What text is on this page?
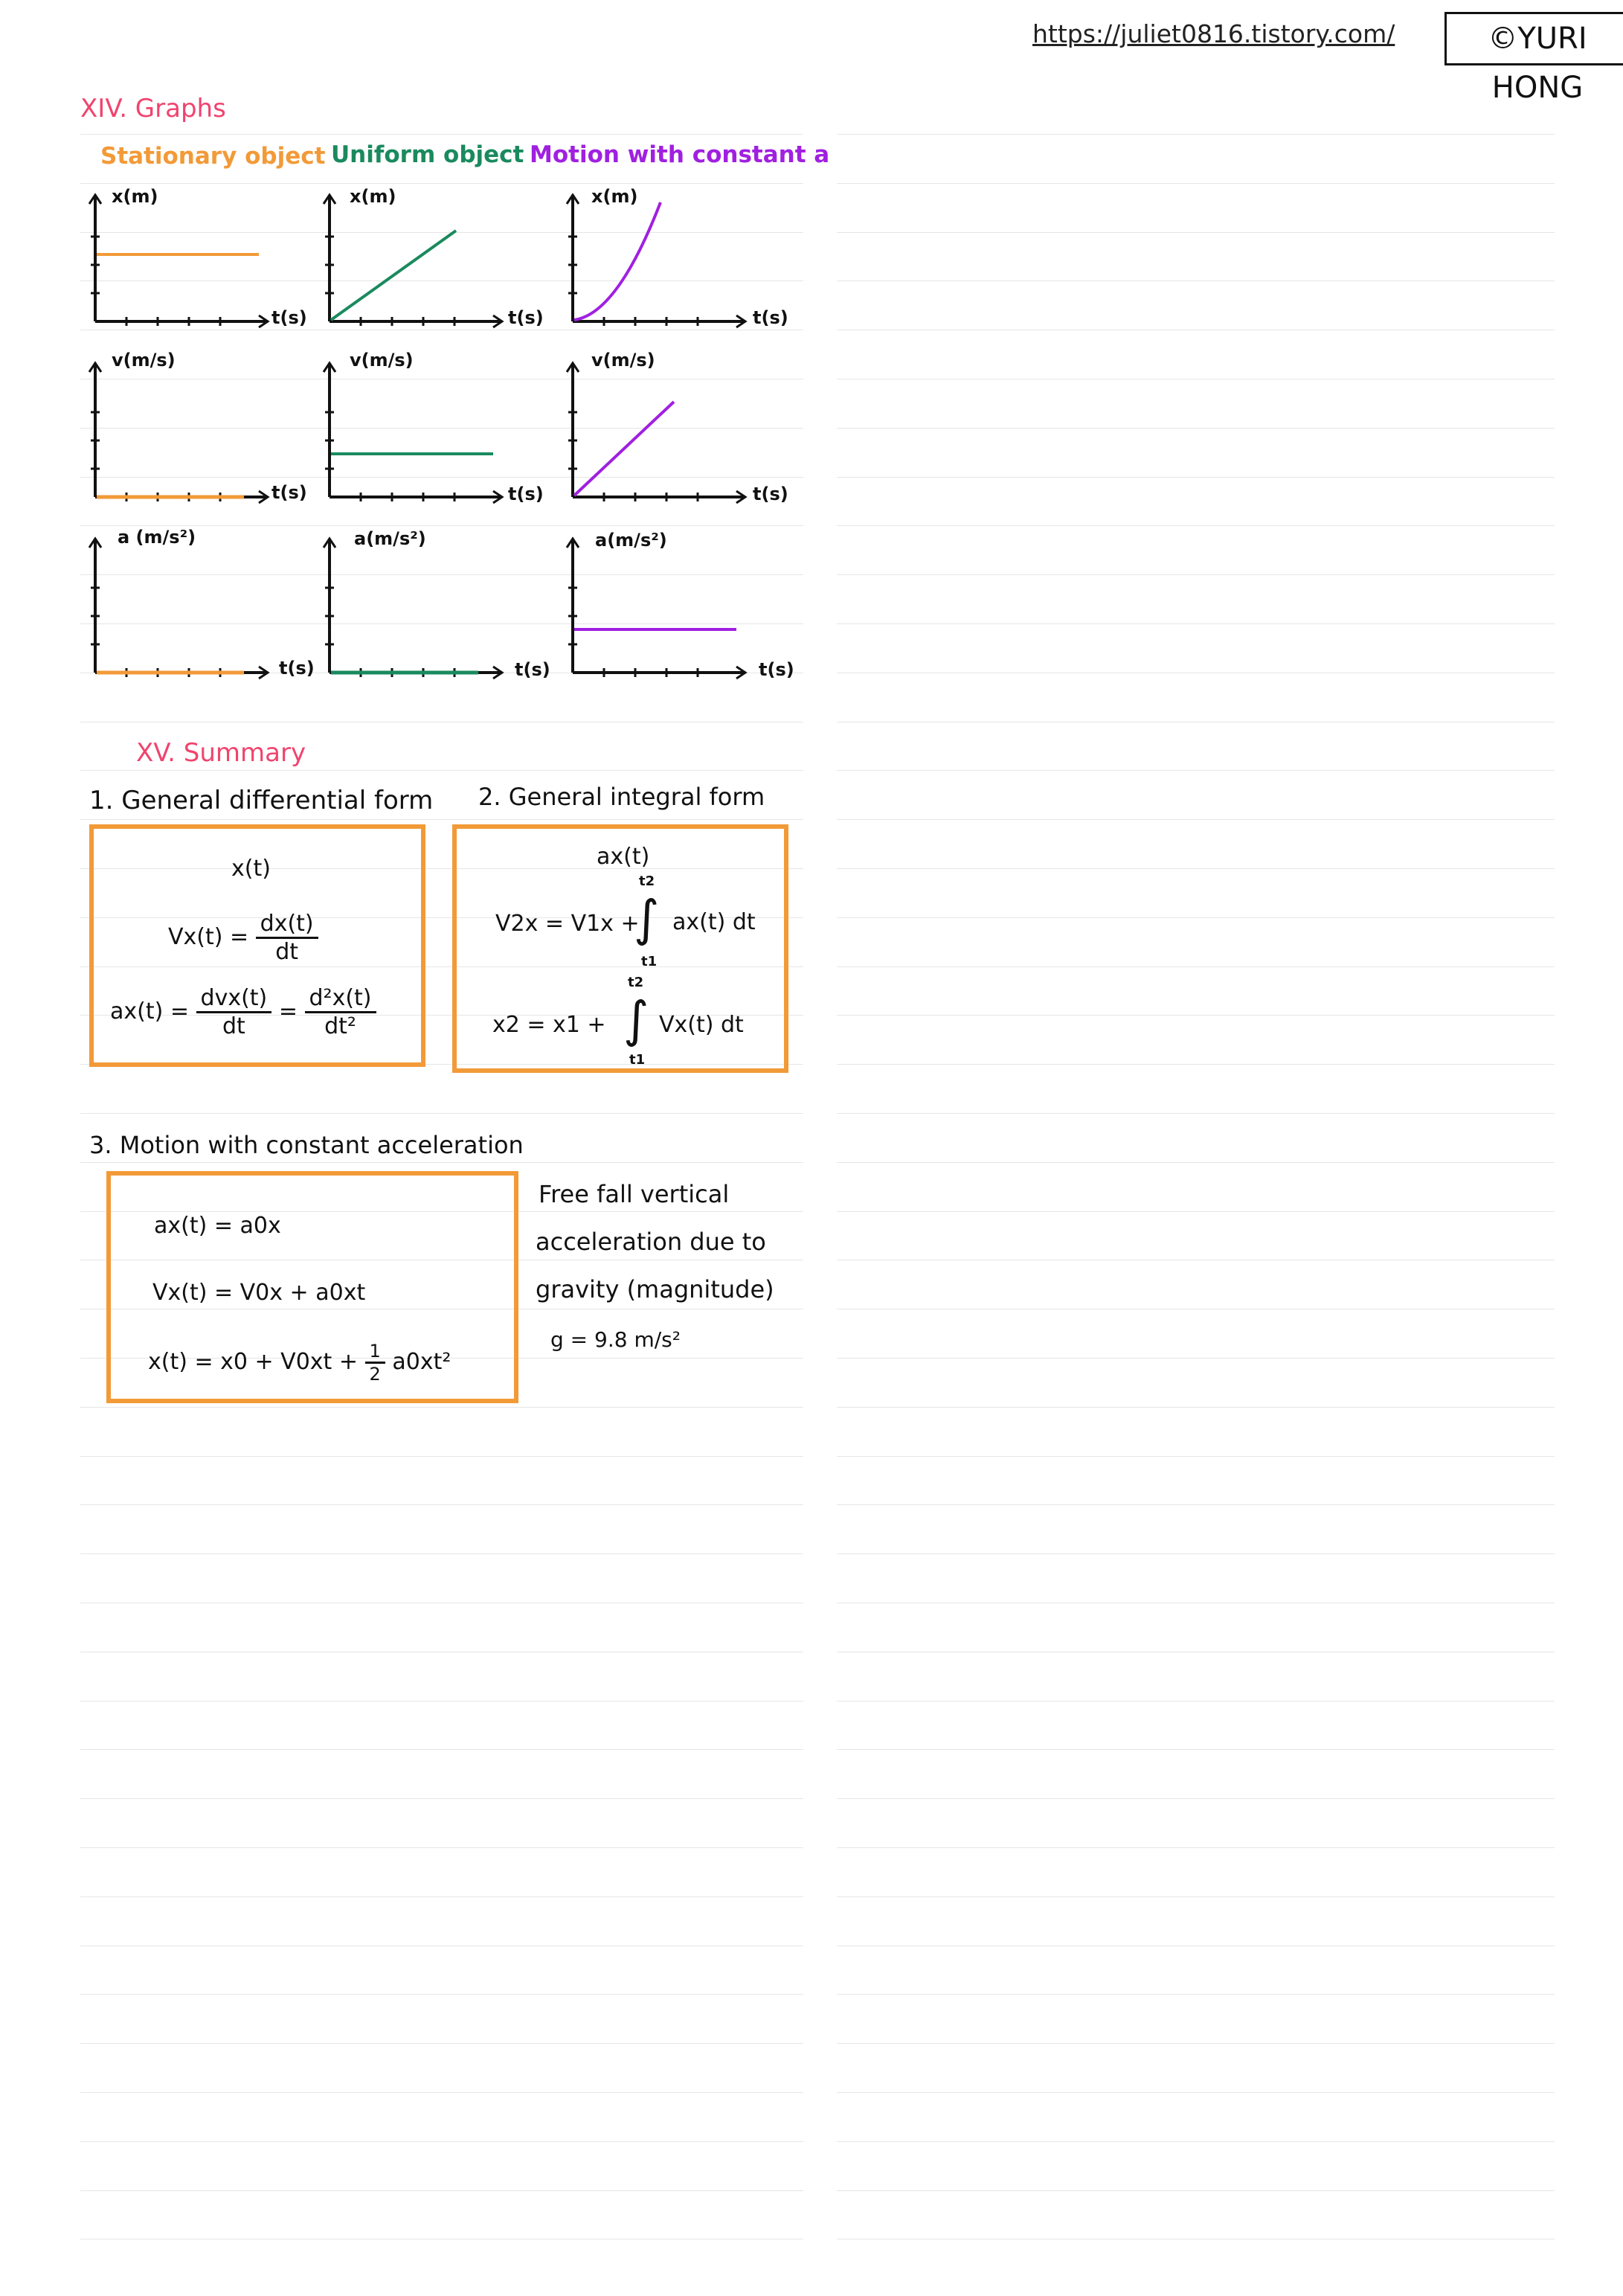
https://juliet0816.tistory.com/	©YURI HONG
XIV. Graphs
Stationary object Uniform object Motion with constant a
x(m)	x(m)	x(m)
t(s)	t(s)	t(s)
v(m/s)	v(m/s)	v(m/s)
t(s)	t(s)	t(s)
a (m/s²)	a(m/s²)	a(m/s²)
t(s)	t(s)	t(s)
XV. Summary
1. General differential form 2. General integral form
x(t)
$Vx(t) = \frac{dx(t)}{dt}$
$ax(t) = \frac{\text{dvx(t)}}{dt} = \frac{\text{d²x(t)}}{\text{dt²}}$
ax(t)
V2x = V1x +
t2
∫
t1
ax(t) dt
x2 = x1 +
t2
∫
t1
Vx(t) dt
3. Motion with constant acceleration
ax(t) = a0x
Vx(t) = V0x + a0xt
$x(t) = x0 + V0xt + \frac{1}{2} a0xt^2$
Free fall vertical
acceleration due to
gravity (magnitude)
g = 9.8 m/s²
